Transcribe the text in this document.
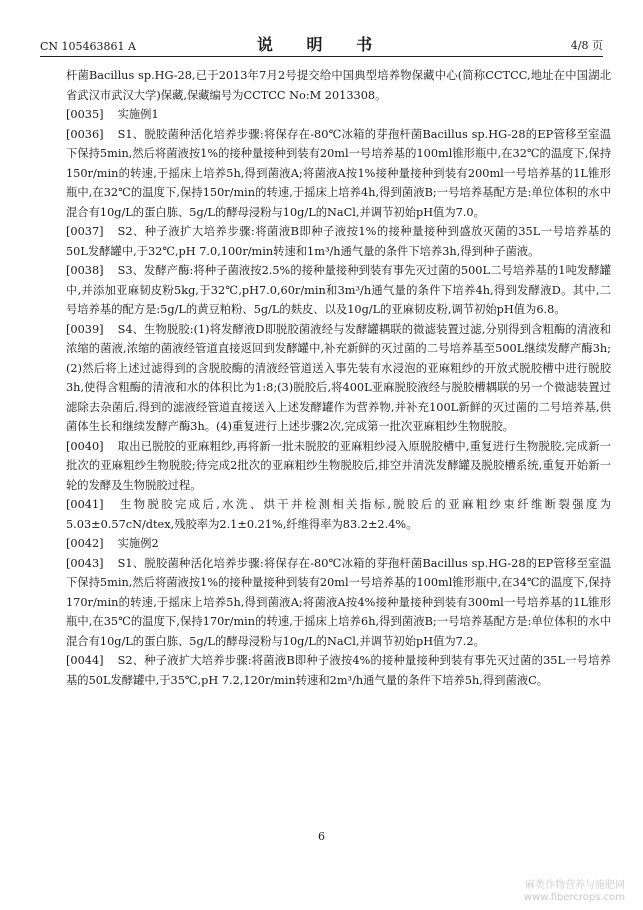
CN 105463861 A	说 明 书	4/8 页

杆菌Bacillus sp.HG-28,已于2013年7月2号提交给中国典型培养物保藏中心(简称CCTCC,地址在中国湖北省武汉市武汉大学)保藏,保藏编号为CCTCC No:M 2013308。

[0035] 实施例1

[0036] S1、脱胶菌种活化培养步骤:将保存在-80℃冰箱的芽孢杆菌Bacillus sp.HG-28的EP管移至室温下保持5min,然后将菌液按1%的接种量接种到装有20ml一号培养基的100ml锥形瓶中,在32℃的温度下,保持150r/min的转速,于摇床上培养5h,得到菌液A;将菌液A按1%接种量接种到装有200ml一号培养基的1L锥形瓶中,在32℃的温度下,保持150r/min的转速,于摇床上培养4h,得到菌液B;一号培养基配方是:单位体积的水中混合有10g/L的蛋白胨、5g/L的酵母浸粉与10g/L的NaCl,并调节初始pH值为7.0。

[0037] S2、种子液扩大培养步骤:将菌液B即种子液按1%的接种量接种到盛放灭菌的35L一号培养基的50L发酵罐中,于32℃,pH 7.0,100r/min转速和1m³/h通气量的条件下培养3h,得到种子菌液。

[0038] S3、发酵产酶:将种子菌液按2.5%的接种量接种到装有事先灭过菌的500L二号培养基的1吨发酵罐中,并添加亚麻韧皮粉5kg,于32℃,pH7.0,60r/min和3m³/h通气量的条件下培养4h,得到发酵液D。其中,二号培养基的配方是:5g/L的黄豆粕粉、5g/L的麸皮、以及10g/L的亚麻韧皮粉,调节初始pH值为6.8。

[0039] S4、生物脱胶:(1)将发酵液D即脱胶菌液经与发酵罐耦联的微滤装置过滤,分别得到含粗酶的清液和浓缩的菌液,浓缩的菌液经管道直接返回到发酵罐中,补充新鲜的灭过菌的二号培养基至500L继续发酵产酶3h;(2)然后将上述过滤得到的含脱胶酶的清液经管道送入事先装有水浸泡的亚麻粗纱的开放式脱胶槽中进行脱胶3h,使得含粗酶的清液和水的体积比为1:8;(3)脱胶后,将400L亚麻脱胶液经与脱胶槽耦联的另一个微滤装置过滤除去杂菌后,得到的滤液经管道直接送入上述发酵罐作为营养物,并补充100L新鲜的灭过菌的二号培养基,供菌体生长和继续发酵产酶3h。(4)重复进行上述步骤2次,完成第一批次亚麻粗纱生物脱胶。

[0040] 取出已脱胶的亚麻粗纱,再将新一批未脱胶的亚麻粗纱浸入原脱胶槽中,重复进行生物脱胶,完成新一批次的亚麻粗纱生物脱胶;待完成2批次的亚麻粗纱生物脱胶后,排空并清洗发酵罐及脱胶槽系统,重复开始新一轮的发酵及生物脱胶过程。

[0041] 生物脱胶完成后,水洗、烘干并检测相关指标,脱胶后的亚麻粗纱束纤维断裂强度为5.03±0.57cN/dtex,残胶率为2.1±0.21%,纤维得率为83.2±2.4%。

[0042] 实施例2

[0043] S1、脱胶菌种活化培养步骤:将保存在-80℃冰箱的芽孢杆菌Bacillus sp.HG-28的EP管移至室温下保持5min,然后将菌液按1%的接种量接种到装有20ml一号培养基的100ml锥形瓶中,在34℃的温度下,保持170r/min的转速,于摇床上培养5h,得到菌液A;将菌液A按4%接种量接种到装有300ml一号培养基的1L锥形瓶中,在35℃的温度下,保持170r/min的转速,于摇床上培养6h,得到菌液B;一号培养基配方是:单位体积的水中混合有10g/L的蛋白胨、5g/L的酵母浸粉与10g/L的NaCl,并调节初始pH值为7.2。

[0044] S2、种子液扩大培养步骤:将菌液B即种子液按4%的接种量接种到装有事先灭过菌的35L一号培养基的50L发酵罐中,于35℃,pH 7.2,120r/min转速和2m³/h通气量的条件下培养5h,得到菌液C。

6
麻类作物营养与施肥网
www.fibercrops.com
